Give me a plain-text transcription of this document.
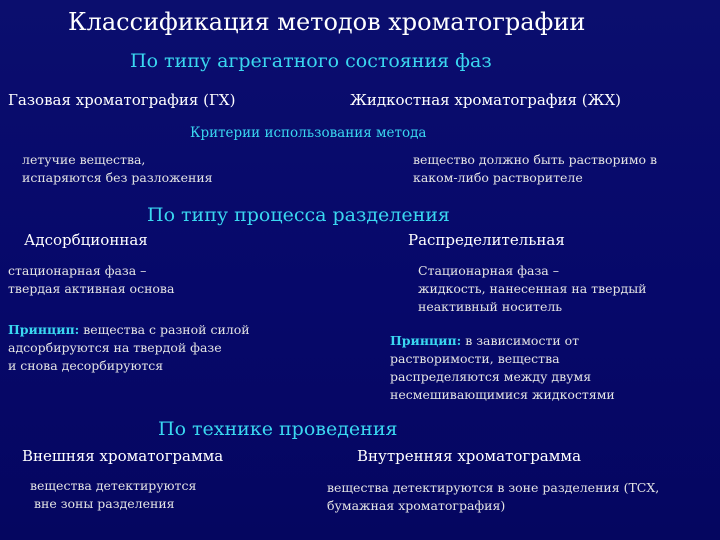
Классификация методов хроматографии
По типу агрегатного состояния фаз
Газовая хроматография (ГХ)	Жидкостная хроматография (ЖХ)
Критерии использования метода
летучие вещества,
испаряются без разложения
вещество должно быть растворимо в
каком-либо растворителе
По типу процесса разделения
Адсорбционная	Распределительная
стационарная фаза –
твердая активная основа
Стационарная фаза –
жидкость, нанесенная на твердый
неактивный носитель
Принцип: вещества с разной силой
адсорбируются на твердой фазе
и снова десорбируются
Принцип: в зависимости от
растворимости, вещества
распределяются между двумя
несмешивающимися жидкостями
По технике проведения
Внешняя хроматограмма	Внутренняя хроматограмма
вещества детектируются
вне зоны разделения
вещества детектируются в зоне разделения (ТСХ,
бумажная хроматография)
